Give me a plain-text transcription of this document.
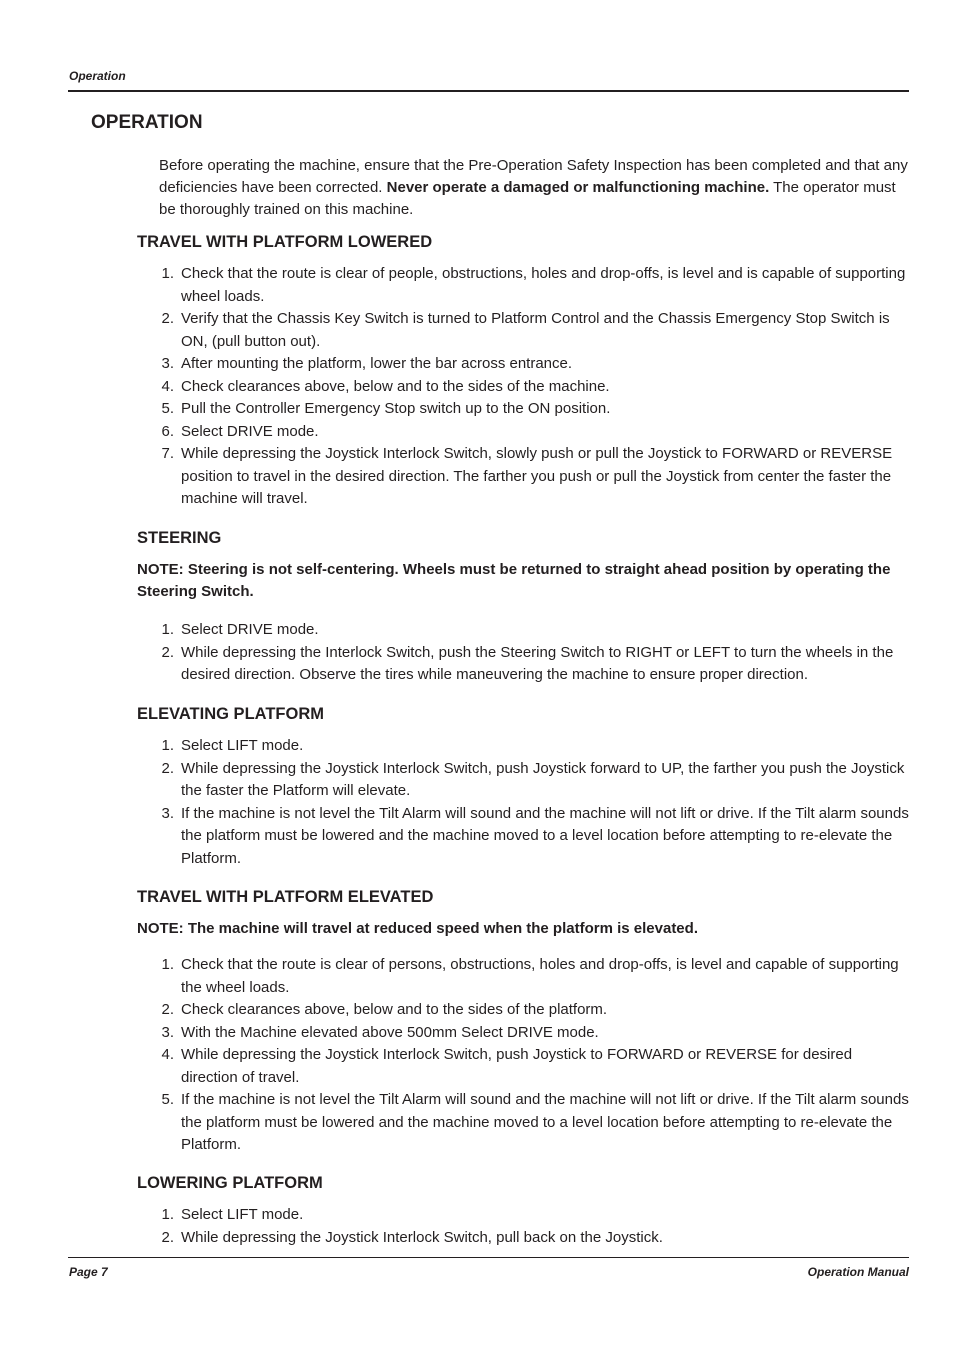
Operation
OPERATION

Before operating the machine, ensure that the Pre-Operation Safety Inspection has been completed and that any deficiencies have been corrected. Never operate a damaged or malfunctioning machine. The operator must be thoroughly trained on this machine.

TRAVEL WITH PLATFORM LOWERED
1. Check that the route is clear of people, obstructions, holes and drop-offs, is level and is capable of supporting wheel loads.
2. Verify that the Chassis Key Switch is turned to Platform Control and the Chassis Emergency Stop Switch is ON, (pull button out).
3. After mounting the platform, lower the bar across entrance.
4. Check clearances above, below and to the sides of the machine.
5. Pull the Controller Emergency Stop switch up to the ON position.
6. Select DRIVE mode.
7. While depressing the Joystick Interlock Switch, slowly push or pull the Joystick to FORWARD or REVERSE position to travel in the desired direction. The farther you push or pull the Joystick from center the faster the machine will travel.
STEERING

NOTE: Steering is not self-centering. Wheels must be returned to straight ahead position by operating the Steering Switch.

1. Select DRIVE mode.
2. While depressing the Interlock Switch, push the Steering Switch to RIGHT or LEFT to turn the wheels in the desired direction. Observe the tires while maneuvering the machine to ensure proper direction.
ELEVATING PLATFORM
1. Select LIFT mode.
2. While depressing the Joystick Interlock Switch, push Joystick forward to UP, the farther you push the Joystick the faster the Platform will elevate.
3. If the machine is not level the Tilt Alarm will sound and the machine will not lift or drive. If the Tilt alarm sounds the platform must be lowered and the machine moved to a level location before attempting to re-elevate the Platform.
TRAVEL WITH PLATFORM ELEVATED

NOTE: The machine will travel at reduced speed when the platform is elevated.

1. Check that the route is clear of persons, obstructions, holes and drop-offs, is level and capable of supporting the wheel loads.
2. Check clearances above, below and to the sides of the platform.
3. With the Machine elevated above 500mm Select DRIVE mode.
4. While depressing the Joystick Interlock Switch, push Joystick to FORWARD or REVERSE for desired direction of travel.
5. If the machine is not level the Tilt Alarm will sound and the machine will not lift or drive. If the Tilt alarm sounds the platform must be lowered and the machine moved to a level location before attempting to re-elevate the Platform.
LOWERING PLATFORM
1. Select LIFT mode.
2. While depressing the Joystick Interlock Switch, pull back on the Joystick.
Page 7	Operation Manual
